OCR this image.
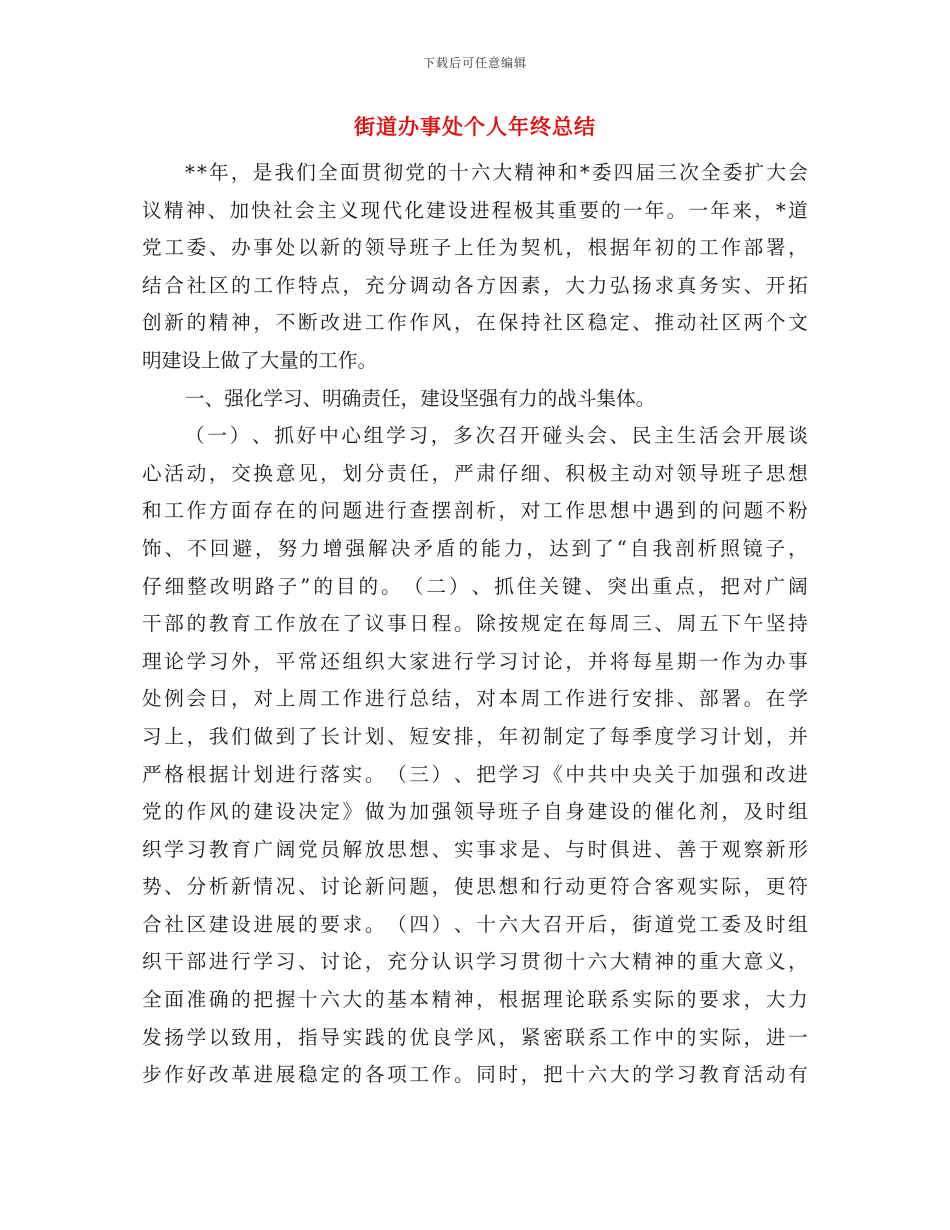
下载后可任意编辑
街道办事处个人年终总结
* * 年 ， 是 我 们 全 面 贯 彻 党 的 十 六 大 精 神 和 * 委 四 届 三 次 全 委 扩 大 会
议 精 神 、 加 快 社 会 主 义 现 代 化 建 设 进 程 极 其 重 要 的 一 年 。 一 年 来 ， * 道
党 工 委 、 办 事 处 以 新 的 领 导 班 子 上 任 为 契 机 ， 根 据 年 初 的 工 作 部 署 ，
结 合 社 区 的 工 作 特 点 ， 充 分 调 动 各 方 因 素 ， 大 力 弘 扬 求 真 务 实 、 开 拓
创 新 的 精 神 ， 不 断 改 进 工 作 作 风 ， 在 保 持 社 区 稳 定 、 推 动 社 区 两 个 文
明 建 设 上 做 了 大 量 的 工 作 。
一 、 强 化 学 习 、 明 确 责 任 ， 建 设 坚 强 有 力 的 战 斗 集 体 。
（ 一 ） 、 抓 好 中 心 组 学 习 ， 多 次 召 开 碰 头 会 、 民 主 生 活 会 开 展 谈
心 活 动 ， 交 换 意 见 ， 划 分 责 任 ， 严 肃 仔 细 、 积 极 主 动 对 领 导 班 子 思 想
和 工 作 方 面 存 在 的 问 题 进 行 查 摆 剖 析 ， 对 工 作 思 想 中 遇 到 的 问 题 不 粉
饰 、 不 回 避 ， 努 力 增 强 解 决 矛 盾 的 能 力 ， 达 到 了 “ 自 我 剖 析 照 镜 子 ，
仔 细 整 改 明 路 子 ” 的 目 的 。 （ 二 ） 、 抓 住 关 键 、 突 出 重 点 ， 把 对 广 阔
干 部 的 教 育 工 作 放 在 了 议 事 日 程 。 除 按 规 定 在 每 周 三 、 周 五 下 午 坚 持
理 论 学 习 外 ， 平 常 还 组 织 大 家 进 行 学 习 讨 论 ， 并 将 每 星 期 一 作 为 办 事
处 例 会 日 ， 对 上 周 工 作 进 行 总 结 ， 对 本 周 工 作 进 行 安 排 、 部 署 。 在 学
习 上 ， 我 们 做 到 了 长 计 划 、 短 安 排 ， 年 初 制 定 了 每 季 度 学 习 计 划 ， 并
严 格 根 据 计 划 进 行 落 实 。 （ 三 ） 、 把 学 习 《 中 共 中 央 关 于 加 强 和 改 进
党 的 作 风 的 建 设 决 定 》 做 为 加 强 领 导 班 子 自 身 建 设 的 催 化 剂 ， 及 时 组
织 学 习 教 育 广 阔 党 员 解 放 思 想 、 实 事 求 是 、 与 时 俱 进 、 善 于 观 察 新 形
势 、 分 析 新 情 况 、 讨 论 新 问 题 ， 使 思 想 和 行 动 更 符 合 客 观 实 际 ， 更 符
合 社 区 建 设 进 展 的 要 求 。 （ 四 ） 、 十 六 大 召 开 后 ， 街 道 党 工 委 及 时 组
织 干 部 进 行 学 习 、 讨 论 ， 充 分 认 识 学 习 贯 彻 十 六 大 精 神 的 重 大 意 义 ，
全 面 准 确 的 把 握 十 六 大 的 基 本 精 神 ， 根 据 理 论 联 系 实 际 的 要 求 ， 大 力
发 扬 学 以 致 用 ， 指 导 实 践 的 优 良 学 风 ， 紧 密 联 系 工 作 中 的 实 际 ， 进 一
步 作 好 改 革 进 展 稳 定 的 各 项 工 作 。 同 时 ， 把 十 六 大 的 学 习 教 育 活 动 有
